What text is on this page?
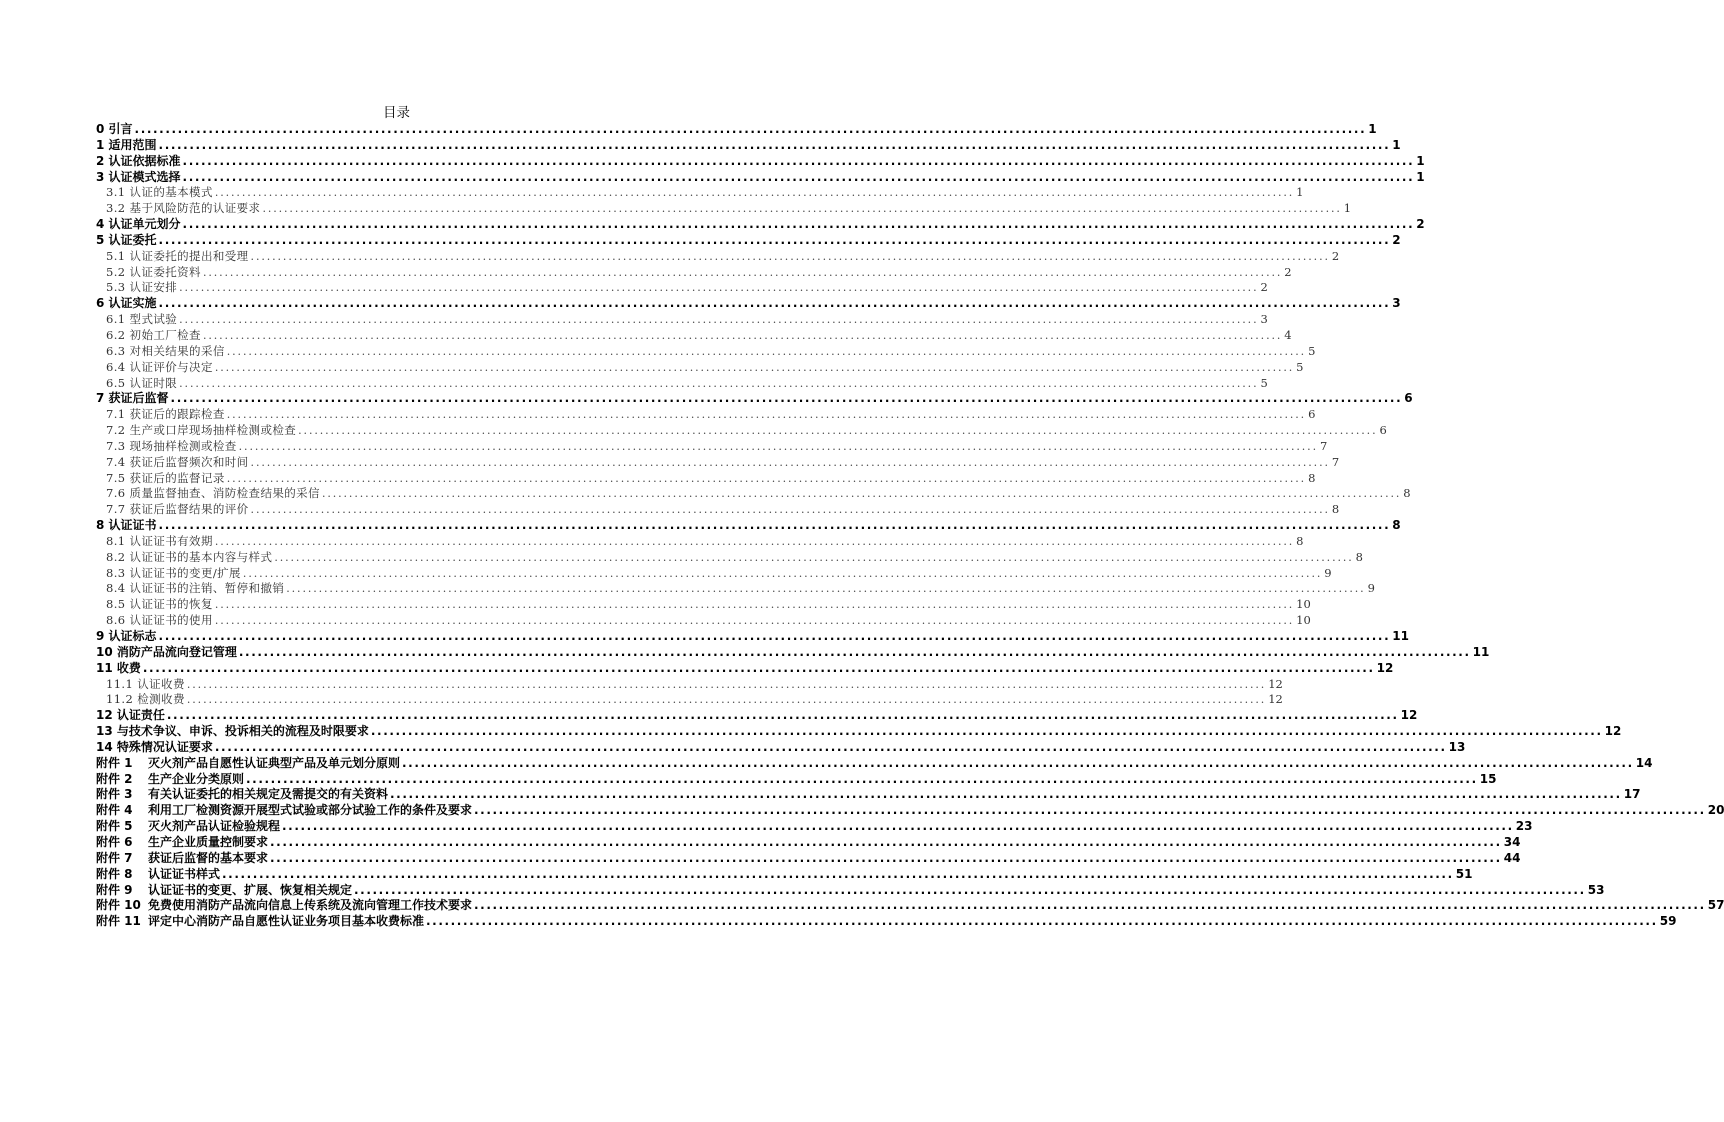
目录
0 引言 ........................................................................................................................................................................................................ 1
1 适用范围 ........................................................................................................................................................................................................ 1
2 认证依据标准 ........................................................................................................................................................................................................ 1
3 认证模式选择 ........................................................................................................................................................................................................ 1
3.1 认证的基本模式 ........................................................................................................................................................................................................ 1
3.2 基于风险防范的认证要求 ........................................................................................................................................................................................................ 1
4 认证单元划分 ........................................................................................................................................................................................................ 2
5 认证委托 ........................................................................................................................................................................................................ 2
5.1 认证委托的提出和受理 ........................................................................................................................................................................................................ 2
5.2 认证委托资料 ........................................................................................................................................................................................................ 2
5.3 认证安排 ........................................................................................................................................................................................................ 2
6 认证实施 ........................................................................................................................................................................................................ 3
6.1 型式试验 ........................................................................................................................................................................................................ 3
6.2 初始工厂检查 ........................................................................................................................................................................................................ 4
6.3 对相关结果的采信 ........................................................................................................................................................................................................ 5
6.4 认证评价与决定 ........................................................................................................................................................................................................ 5
6.5 认证时限 ........................................................................................................................................................................................................ 5
7 获证后监督 ........................................................................................................................................................................................................ 6
7.1 获证后的跟踪检查 ........................................................................................................................................................................................................ 6
7.2 生产或口岸现场抽样检测或检查 ........................................................................................................................................................................................................ 6
7.3 现场抽样检测或检查 ........................................................................................................................................................................................................ 7
7.4 获证后监督频次和时间 ........................................................................................................................................................................................................ 7
7.5 获证后的监督记录 ........................................................................................................................................................................................................ 8
7.6 质量监督抽查、消防检查结果的采信 ........................................................................................................................................................................................................ 8
7.7 获证后监督结果的评价 ........................................................................................................................................................................................................ 8
8 认证证书 ........................................................................................................................................................................................................ 8
8.1 认证证书有效期 ........................................................................................................................................................................................................ 8
8.2 认证证书的基本内容与样式 ........................................................................................................................................................................................................ 8
8.3 认证证书的变更/扩展 ........................................................................................................................................................................................................ 9
8.4 认证证书的注销、暂停和撤销 ........................................................................................................................................................................................................ 9
8.5 认证证书的恢复 ........................................................................................................................................................................................................ 10
8.6 认证证书的使用 ........................................................................................................................................................................................................ 10
9 认证标志 ........................................................................................................................................................................................................ 11
10 消防产品流向登记管理 ........................................................................................................................................................................................................ 11
11 收费 ........................................................................................................................................................................................................ 12
11.1 认证收费 ........................................................................................................................................................................................................ 12
11.2 检测收费 ........................................................................................................................................................................................................ 12
12 认证责任 ........................................................................................................................................................................................................ 12
13 与技术争议、申诉、投诉相关的流程及时限要求 ........................................................................................................................................................................................................ 12
14 特殊情况认证要求 ........................................................................................................................................................................................................ 13
附件 1 灭火剂产品自愿性认证典型产品及单元划分原则 ........................................................................................................................................................................................................ 14
附件 2 生产企业分类原则 ........................................................................................................................................................................................................ 15
附件 3 有关认证委托的相关规定及需提交的有关资料 ........................................................................................................................................................................................................ 17
附件 4 利用工厂检测资源开展型式试验或部分试验工作的条件及要求 ........................................................................................................................................................................................................ 20
附件 5 灭火剂产品认证检验规程 ........................................................................................................................................................................................................ 23
附件 6 生产企业质量控制要求 ........................................................................................................................................................................................................ 34
附件 7 获证后监督的基本要求 ........................................................................................................................................................................................................ 44
附件 8 认证证书样式 ........................................................................................................................................................................................................ 51
附件 9 认证证书的变更、扩展、恢复相关规定 ........................................................................................................................................................................................................ 53
附件 10 免费使用消防产品流向信息上传系统及流向管理工作技术要求 ........................................................................................................................................................................................................ 57
附件 11 评定中心消防产品自愿性认证业务项目基本收费标准 ........................................................................................................................................................................................................ 59
